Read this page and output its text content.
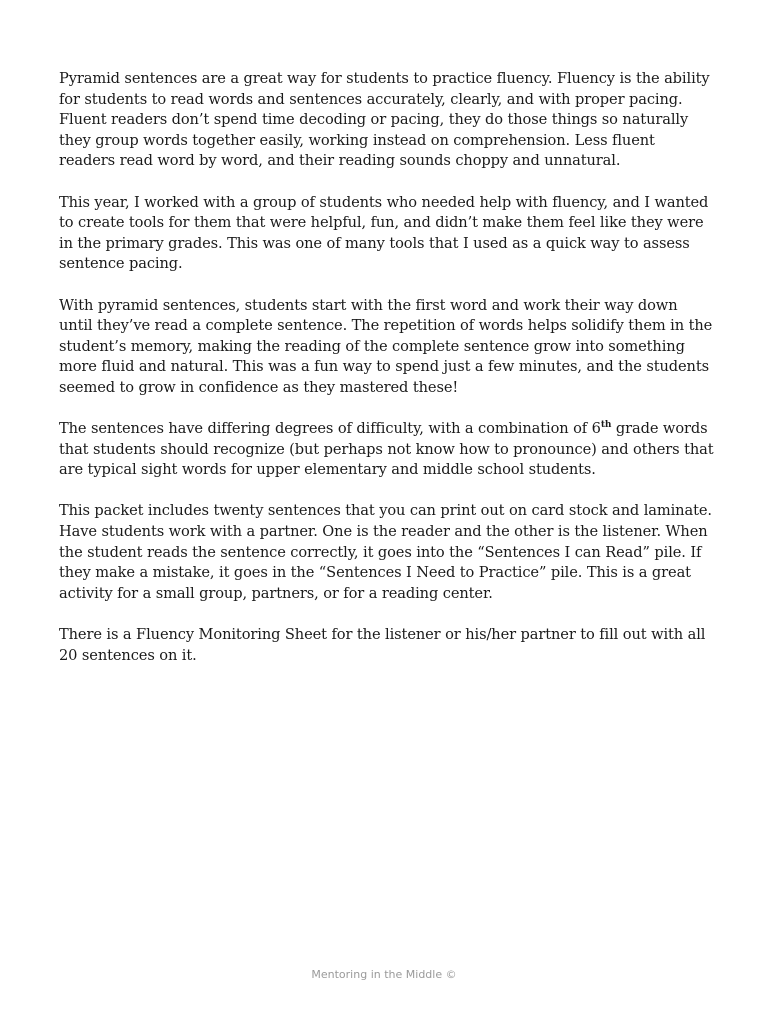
Pyramid sentences are a great way for students to practice fluency. Fluency is the ability for students to read words and sentences accurately, clearly, and with proper pacing. Fluent readers don’t spend time decoding or pacing, they do those things so naturally they group words together easily, working instead on comprehension. Less fluent readers read word by word, and their reading sounds choppy and unnatural.

This year, I worked with a group of students who needed help with fluency, and I wanted to create tools for them that were helpful, fun, and didn’t make them feel like they were in the primary grades. This was one of many tools that I used as a quick way to assess sentence pacing.

With pyramid sentences, students start with the first word and work their way down until they’ve read a complete sentence. The repetition of words helps solidify them in the student’s memory, making the reading of the complete sentence grow into something more fluid and natural. This was a fun way to spend just a few minutes, and the students seemed to grow in confidence as they mastered these!

The sentences have differing degrees of difficulty, with a combination of 6th grade words that students should recognize (but perhaps not know how to pronounce) and others that are typical sight words for upper elementary and middle school students.

This packet includes twenty sentences that you can print out on card stock and laminate. Have students work with a partner. One is the reader and the other is the listener. When the student reads the sentence correctly, it goes into the “Sentences I can Read” pile. If they make a mistake, it goes in the “Sentences I Need to Practice” pile. This is a great activity for a small group, partners, or for a reading center.

There is a Fluency Monitoring Sheet for the listener or his/her partner to fill out with all 20 sentences on it.

Mentoring in the Middle ©
